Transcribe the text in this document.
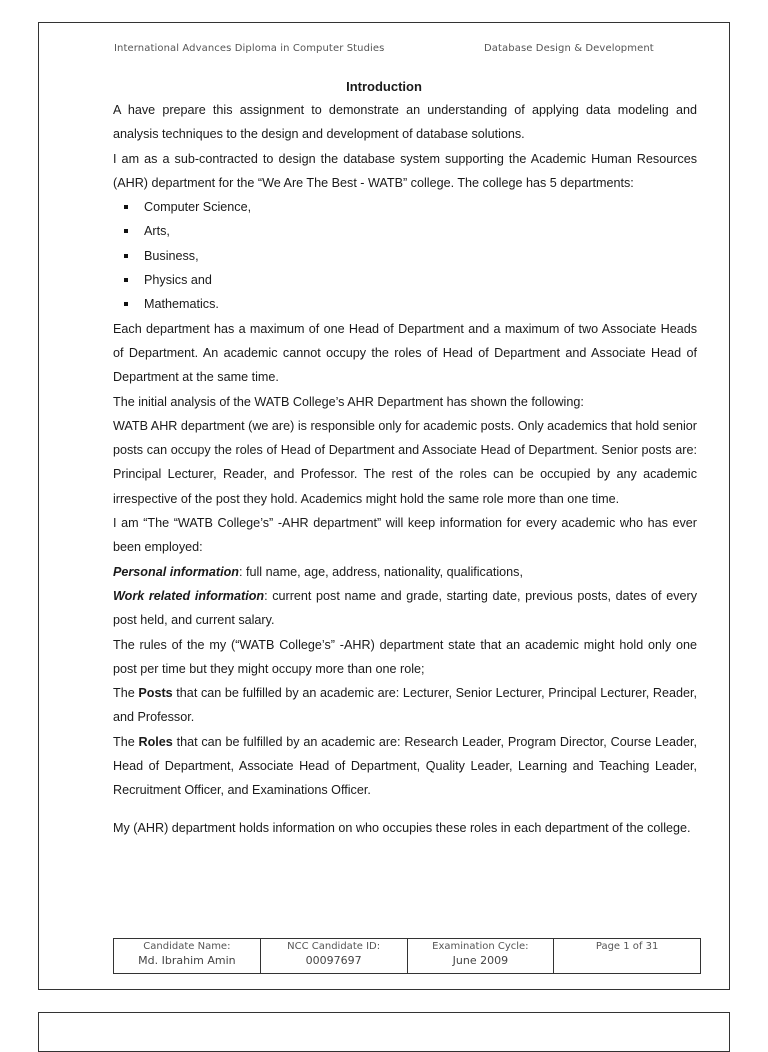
International Advances Diploma in Computer Studies	Database Design & Development
Introduction

A have prepare this assignment to demonstrate an understanding of applying data modeling and analysis techniques to the design and development of database solutions.

I am as a sub-contracted to design the database system supporting the Academic Human Resources (AHR) department for the “We Are The Best - WATB” college. The college has 5 departments:

Computer Science,
Arts,
Business,
Physics and
Mathematics.

Each department has a maximum of one Head of Department and a maximum of two Associate Heads of Department. An academic cannot occupy the roles of Head of Department and Associate Head of Department at the same time.

The initial analysis of the WATB College’s AHR Department has shown the following:

WATB AHR department (we are) is responsible only for academic posts. Only academics that hold senior posts can occupy the roles of Head of Department and Associate Head of Department. Senior posts are: Principal Lecturer, Reader, and Professor. The rest of the roles can be occupied by any academic irrespective of the post they hold. Academics might hold the same role more than one time.

I am “The “WATB College’s” -AHR department” will keep information for every academic who has ever been employed:

Personal information: full name, age, address, nationality, qualifications,

Work related information: current post name and grade, starting date, previous posts, dates of every post held, and current salary.

The rules of the my (“WATB College’s” -AHR) department state that an academic might hold only one post per time but they might occupy more than one role;

The Posts that can be fulfilled by an academic are: Lecturer, Senior Lecturer, Principal Lecturer, Reader, and Professor.

The Roles that can be fulfilled by an academic are: Research Leader, Program Director, Course Leader, Head of Department, Associate Head of Department, Quality Leader, Learning and Teaching Leader, Recruitment Officer, and Examinations Officer.

My (AHR) department holds information on who occupies these roles in each department of the college.

Candidate Name:
Md. Ibrahim Amin

NCC Candidate ID:
00097697

Examination Cycle:
June 2009

Page 1 of 31
